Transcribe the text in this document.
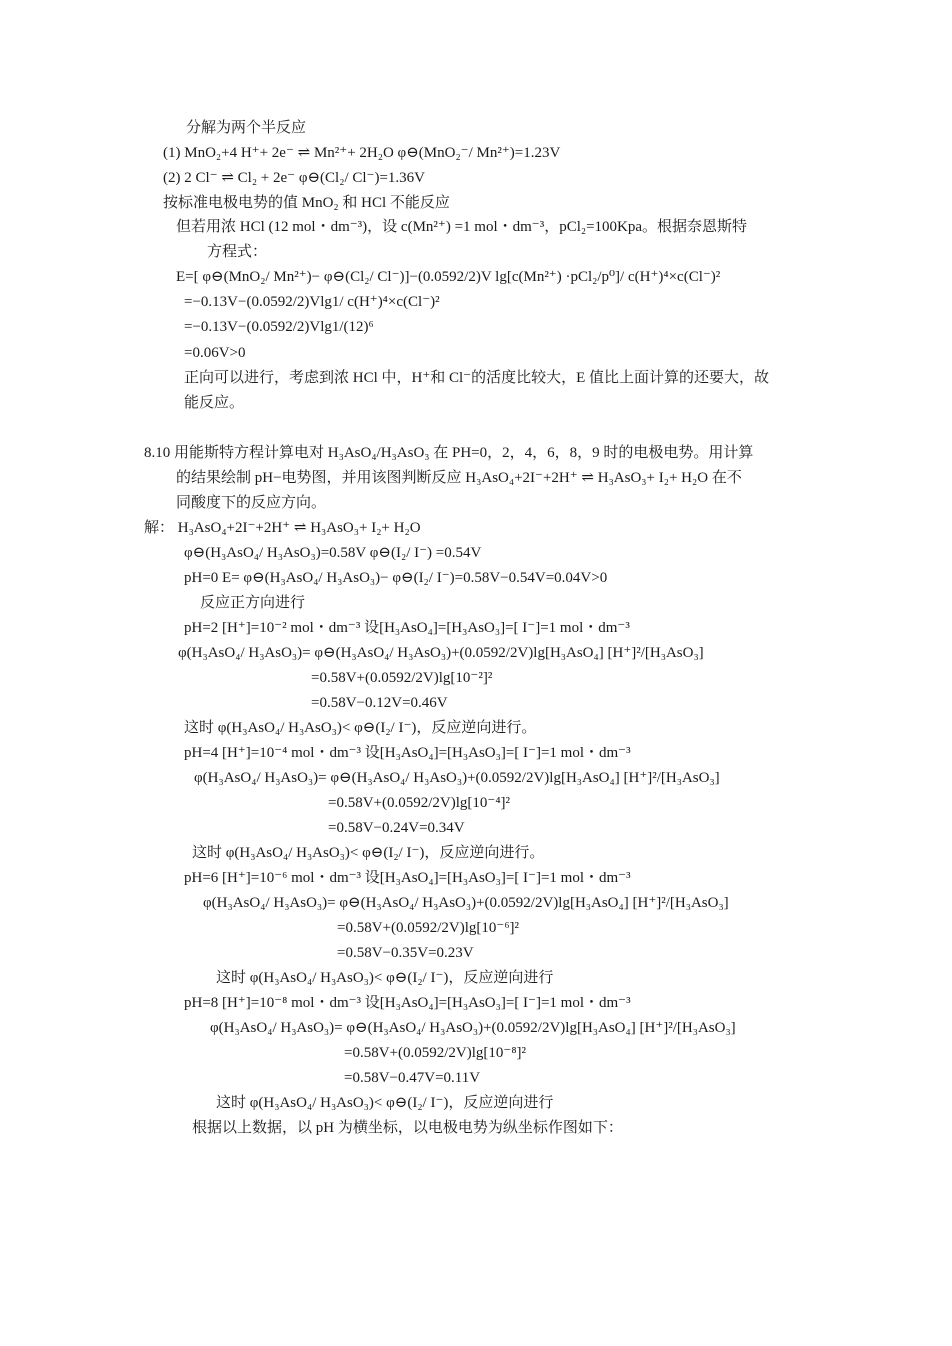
分解为两个半反应
(1) MnO₂+4 H⁺+ 2e⁻ ⇌ Mn²⁺+ 2H₂O φ⊖(MnO₂⁻/ Mn²⁺)=1.23V
(2) 2 Cl⁻ ⇌ Cl₂ + 2e⁻ φ⊖(Cl₂/ Cl⁻)=1.36V
按标准电极电势的值 MnO₂ 和 HCl 不能反应
但若用浓 HCl (12 mol・dm⁻³)，设 c(Mn²⁺) =1 mol・dm⁻³，pCl₂=100Kpa。根据奈恩斯特
方程式：
E=[ φ⊖(MnO₂/ Mn²⁺)− φ⊖(Cl₂/ Cl⁻)]−(0.0592/2)V lg[c(Mn²⁺) ·pCl₂/p⁰]/ c(H⁺)⁴×c(Cl⁻)²
=−0.13V−(0.0592/2)Vlg1/ c(H⁺)⁴×c(Cl⁻)²
=−0.13V−(0.0592/2)Vlg1/(12)⁶
=0.06V>0
正向可以进行，考虑到浓 HCl 中，H⁺和 Cl⁻的活度比较大，E 值比上面计算的还要大，故
能反应。
8.10 用能斯特方程计算电对 H₃AsO₄/H₃AsO₃ 在 PH=0，2，4，6，8，9 时的电极电势。用计算
的结果绘制 pH−电势图，并用该图判断反应 H₃AsO₄+2I⁻+2H⁺ ⇌ H₃AsO₃+ I₂+ H₂O 在不
同酸度下的反应方向。
解： H₃AsO₄+2I⁻+2H⁺ ⇌ H₃AsO₃+ I₂+ H₂O
φ⊖(H₃AsO₄/ H₃AsO₃)=0.58V φ⊖(I₂/ I⁻) =0.54V
pH=0 E= φ⊖(H₃AsO₄/ H₃AsO₃)− φ⊖(I₂/ I⁻)=0.58V−0.54V=0.04V>0
反应正方向进行
pH=2 [H⁺]=10⁻² mol・dm⁻³ 设[H₃AsO₄]=[H₃AsO₃]=[ I⁻]=1 mol・dm⁻³
φ(H₃AsO₄/ H₃AsO₃)= φ⊖(H₃AsO₄/ H₃AsO₃)+(0.0592/2V)lg[H₃AsO₄] [H⁺]²/[H₃AsO₃]
=0.58V+(0.0592/2V)lg[10⁻²]²
=0.58V−0.12V=0.46V
这时 φ(H₃AsO₄/ H₃AsO₃)< φ⊖(I₂/ I⁻)，反应逆向进行。
pH=4 [H⁺]=10⁻⁴ mol・dm⁻³ 设[H₃AsO₄]=[H₃AsO₃]=[ I⁻]=1 mol・dm⁻³
φ(H₃AsO₄/ H₃AsO₃)= φ⊖(H₃AsO₄/ H₃AsO₃)+(0.0592/2V)lg[H₃AsO₄] [H⁺]²/[H₃AsO₃]
=0.58V+(0.0592/2V)lg[10⁻⁴]²
=0.58V−0.24V=0.34V
这时 φ(H₃AsO₄/ H₃AsO₃)< φ⊖(I₂/ I⁻)，反应逆向进行。
pH=6 [H⁺]=10⁻⁶ mol・dm⁻³ 设[H₃AsO₄]=[H₃AsO₃]=[ I⁻]=1 mol・dm⁻³
φ(H₃AsO₄/ H₃AsO₃)= φ⊖(H₃AsO₄/ H₃AsO₃)+(0.0592/2V)lg[H₃AsO₄] [H⁺]²/[H₃AsO₃]
=0.58V+(0.0592/2V)lg[10⁻⁶]²
=0.58V−0.35V=0.23V
这时 φ(H₃AsO₄/ H₃AsO₃)< φ⊖(I₂/ I⁻)，反应逆向进行
pH=8 [H⁺]=10⁻⁸ mol・dm⁻³ 设[H₃AsO₄]=[H₃AsO₃]=[ I⁻]=1 mol・dm⁻³
φ(H₃AsO₄/ H₃AsO₃)= φ⊖(H₃AsO₄/ H₃AsO₃)+(0.0592/2V)lg[H₃AsO₄] [H⁺]²/[H₃AsO₃]
=0.58V+(0.0592/2V)lg[10⁻⁸]²
=0.58V−0.47V=0.11V
这时 φ(H₃AsO₄/ H₃AsO₃)< φ⊖(I₂/ I⁻)，反应逆向进行
根据以上数据，以 pH 为横坐标，以电极电势为纵坐标作图如下：
